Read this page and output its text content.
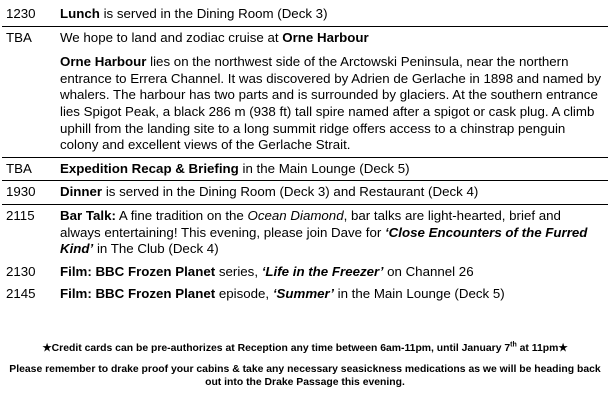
1230	Lunch is served in the Dining Room (Deck 3)
TBA	We hope to land and zodiac cruise at Orne Harbour
Orne Harbour lies on the northwest side of the Arctowski Peninsula, near the northern entrance to Errera Channel. It was discovered by Adrien de Gerlache in 1898 and named by whalers. The harbour has two parts and is surrounded by glaciers. At the southern entrance lies Spigot Peak, a black 286 m (938 ft) tall spire named after a spigot or cask plug. A climb uphill from the landing site to a long summit ridge offers access to a chinstrap penguin colony and excellent views of the Gerlache Strait.

TBA	Expedition Recap & Briefing in the Main Lounge (Deck 5)
1930	Dinner is served in the Dining Room (Deck 3) and Restaurant (Deck 4)
2115	Bar Talk: A fine tradition on the Ocean Diamond, bar talks are light-hearted, brief and always entertaining! This evening, please join Dave for ‘Close Encounters of the Furred Kind’ in The Club (Deck 4)
2130	Film: BBC Frozen Planet series, ‘Life in the Freezer’ on Channel 26
2145	Film: BBC Frozen Planet episode, ‘Summer’ in the Main Lounge (Deck 5)

★Credit cards can be pre-authorizes at Reception any time between 6am-11pm, until January 7th at 11pm★

Please remember to drake proof your cabins & take any necessary seasickness medications as we will be heading back out into the Drake Passage this evening.
